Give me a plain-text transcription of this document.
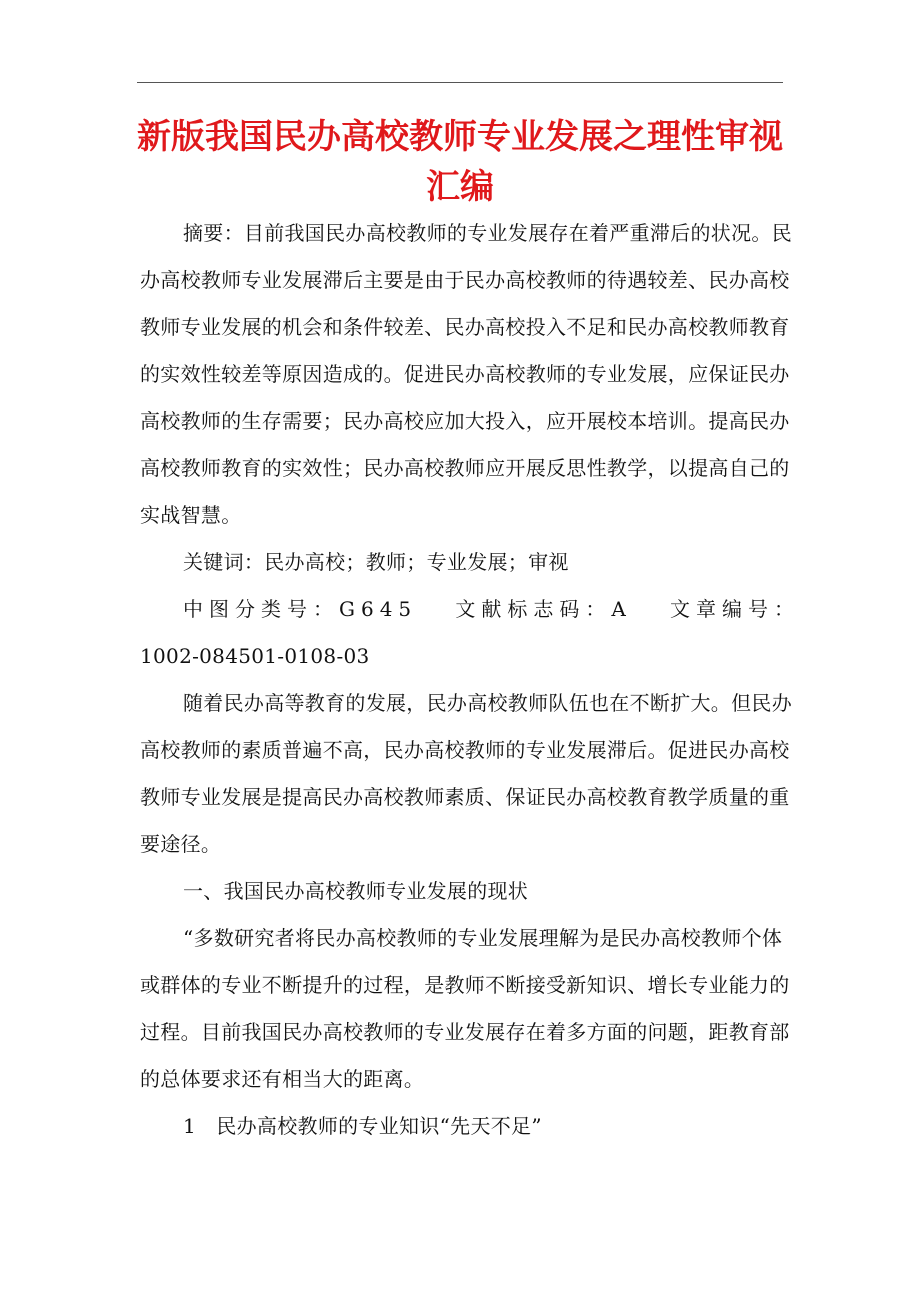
新版我国民办高校教师专业发展之理性审视汇编

摘要：目前我国民办高校教师的专业发展存在着严重滞后的状况。民办高校教师专业发展滞后主要是由于民办高校教师的待遇较差、民办高校教师专业发展的机会和条件较差、民办高校投入不足和民办高校教师教育的实效性较差等原因造成的。促进民办高校教师的专业发展，应保证民办高校教师的生存需要；民办高校应加大投入，应开展校本培训。提高民办高校教师教育的实效性；民办高校教师应开展反思性教学，以提高自己的实战智慧。

关键词：民办高校；教师；专业发展；审视

中图分类号：G645 文献标志码：A 文章编号：

1002-084501-0108-03

随着民办高等教育的发展，民办高校教师队伍也在不断扩大。但民办高校教师的素质普遍不高，民办高校教师的专业发展滞后。促进民办高校教师专业发展是提高民办高校教师素质、保证民办高校教育教学质量的重要途径。

一、我国民办高校教师专业发展的现状

“多数研究者将民办高校教师的专业发展理解为是民办高校教师个体或群体的专业不断提升的过程，是教师不断接受新知识、增长专业能力的过程。目前我国民办高校教师的专业发展存在着多方面的问题，距教育部的总体要求还有相当大的距离。

1　民办高校教师的专业知识“先天不足”
